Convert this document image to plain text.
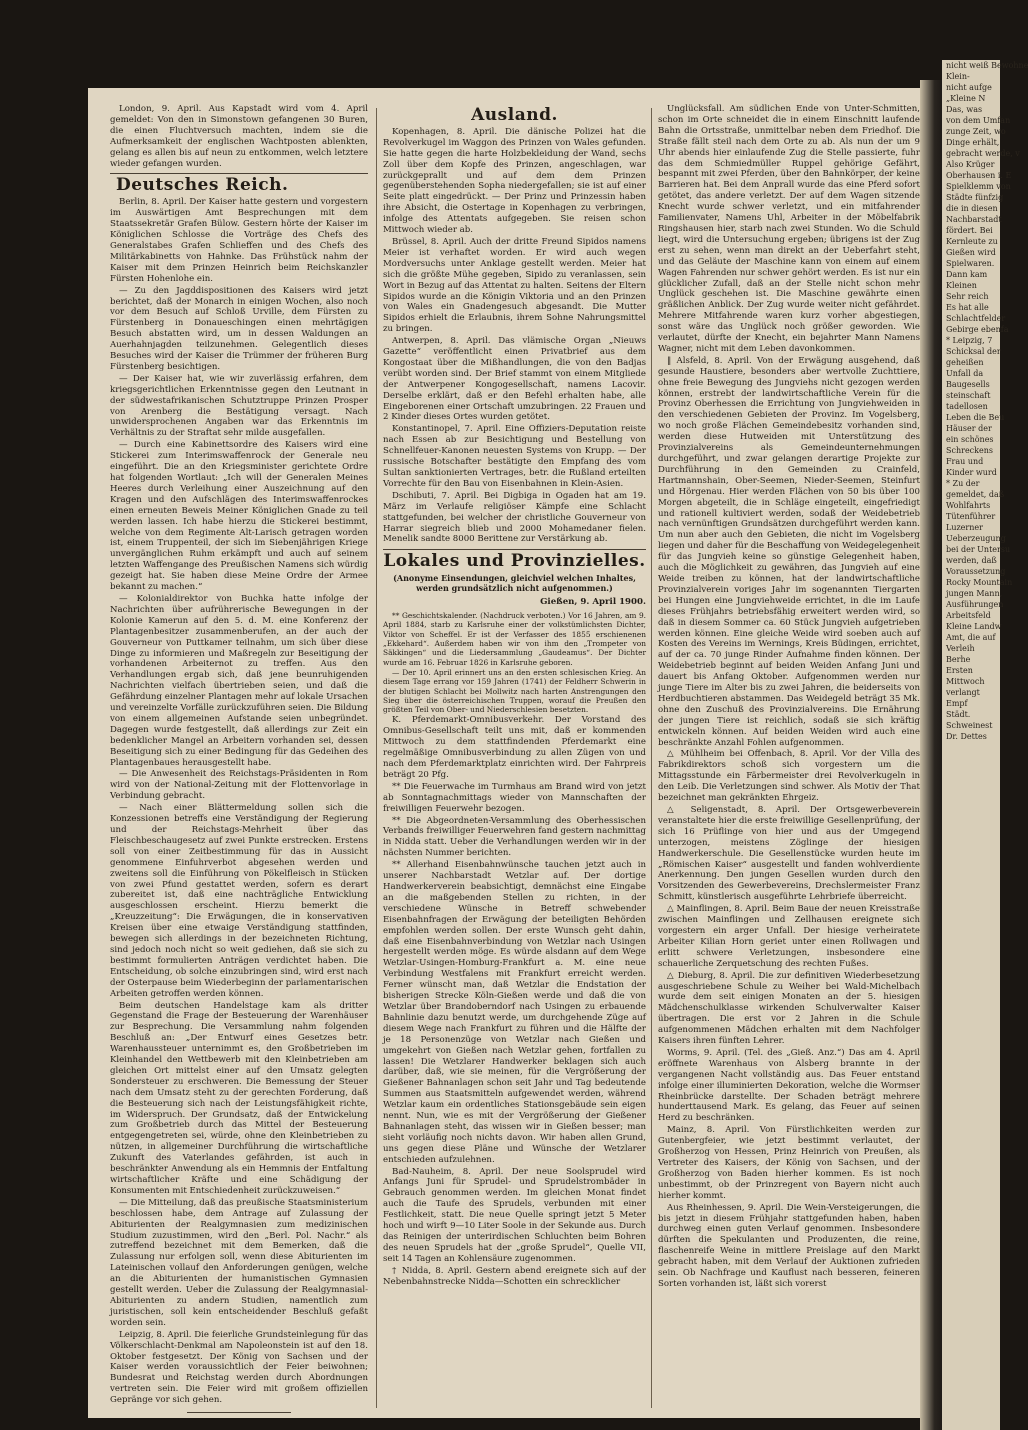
nicht weiß Bewohne

Klein-

nicht aufge

„Kleine N

Das, was

von dem Umfan

zunge Zeit, wo

Dinge erhält,

gebracht werde, v

Also Krüger

Oberhausen i. E

Spielklemm von

Städte fünfzig

die in diesen

Nachbarstadt

fördert. Bei

Kernleute zu

Gießen wird

Spielwaren.

Dann kam

Kleinen

Sehr reich

Es hat alle

Schlachtfelder

Gebirge ebenfa

* Leipzig, 7

Schicksal der

geheißen

Unfall da

Baugesells

steinschaft

tadellosen

Leben die Beu

Häuser der

ein schönes

Schreckens

Frau und

Kinder wurd

* Zu der

gemeldet, daß

Wohlfahrts

Tütenführer

Luzerner

Ueberzeugung

bei der Untersu

werden, daß

Voraussetzung

Rocky Mountain

jungen Mann,

Ausführungen

Arbeitsfeld

Kleine Landw

Amt, die auf

Verleih

Berhe

Ersten

Mittwoch

verlangt

Empf

Städt.

Schweinest

Dr. Dettes

London, 9. April. Aus Kapstadt wird vom 4. April gemeldet: Von den in Simonstown gefangenen 30 Buren, die einen Fluchtversuch machten, indem sie die Aufmerksamkeit der englischen Wachtposten ablenkten, gelang es allen bis auf neun zu entkommen, welch letztere wieder gefangen wurden.

Deutsches Reich.

Berlin, 8. April. Der Kaiser hatte gestern und vorgestern im Auswärtigen Amt Besprechungen mit dem Staatssekretär Grafen Bülow. Gestern hörte der Kaiser im Königlichen Schlosse die Vorträge des Chefs des Generalstabes Grafen Schlieffen und des Chefs des Militärkabinetts von Hahnke. Das Frühstück nahm der Kaiser mit dem Prinzen Heinrich beim Reichskanzler Fürsten Hohenlohe ein.

— Zu den Jagddispositionen des Kaisers wird jetzt berichtet, daß der Monarch in einigen Wochen, also noch vor dem Besuch auf Schloß Urville, dem Fürsten zu Fürstenberg in Donaueschingen einen mehrtägigen Besuch abstatten wird, um in dessen Waldungen an Auerhahnjagden teilzunehmen. Gelegentlich dieses Besuches wird der Kaiser die Trümmer der früheren Burg Fürstenberg besichtigen.

— Der Kaiser hat, wie wir zuverlässig erfahren, dem kriegsgerichtlichen Erkenntnisse gegen den Leutnant in der südwestafrikanischen Schutztruppe Prinzen Prosper von Arenberg die Bestätigung versagt. Nach unwidersprochenen Angaben war das Erkenntnis im Verhältnis zu der Straftat sehr milde ausgefallen.

— Durch eine Kabinettsordre des Kaisers wird eine Stickerei zum Interimswaffenrock der Generale neu eingeführt. Die an den Kriegsminister gerichtete Ordre hat folgenden Wortlaut: „Ich will der Generalen Meines Heeres durch Verleihung einer Auszeichnung auf den Kragen und den Aufschlägen des Interimswaffenrockes einen erneuten Beweis Meiner Königlichen Gnade zu teil werden lassen. Ich habe hierzu die Stickerei bestimmt, welche von dem Regimente Alt-Larisch getragen worden ist, einem Truppenteil, der sich im Siebenjährigen Kriege unvergänglichen Ruhm erkämpft und auch auf seinem letzten Waffengange des Preußischen Namens sich würdig gezeigt hat. Sie haben diese Meine Ordre der Armee bekannt zu machen.“

— Kolonialdirektor von Buchka hatte infolge der Nachrichten über aufrührerische Bewegungen in der Kolonie Kamerun auf den 5. d. M. eine Konferenz der Plantagenbesitzer zusammenberufen, an der auch der Gouverneur von Puttkamer teilnahm, um sich über diese Dinge zu informieren und Maßregeln zur Beseitigung der vorhandenen Arbeiternot zu treffen. Aus den Verhandlungen ergab sich, daß jene beunruhigenden Nachrichten vielfach übertrieben seien, und daß die Gefährdung einzelner Plantagen mehr auf lokale Ursachen und vereinzelte Vorfälle zurückzuführen seien. Die Bildung von einem allgemeinen Aufstande seien unbegründet. Dagegen wurde festgestellt, daß allerdings zur Zeit ein bedenklicher Mangel an Arbeitern vorhanden sei, dessen Beseitigung sich zu einer Bedingung für das Gedeihen des Plantagenbaues herausgestellt habe.

— Die Anwesenheit des Reichstags-Präsidenten in Rom wird von der National-Zeitung mit der Flottenvorlage in Verbindung gebracht.

— Nach einer Blättermeldung sollen sich die Konzessionen betreffs eine Verständigung der Regierung und der Reichstags-Mehrheit über das Fleischbeschaugesetz auf zwei Punkte erstrecken. Erstens soll von einer Zeitbestimmung für das in Aussicht genommene Einfuhrverbot abgesehen werden und zweitens soll die Einführung von Pökelfleisch in Stücken von zwei Pfund gestattet werden, sofern es derart zubereitet ist, daß eine nachträgliche Entwicklung ausgeschlossen erscheint. Hierzu bemerkt die „Kreuzzeitung“: Die Erwägungen, die in konservativen Kreisen über eine etwaige Verständigung stattfinden, bewegen sich allerdings in der bezeichneten Richtung, sind jedoch noch nicht so weit gediehen, daß sie sich zu bestimmt formulierten Anträgen verdichtet haben. Die Entscheidung, ob solche einzubringen sind, wird erst nach der Osterpause beim Wiederbeginn der parlamentarischen Arbeiten getroffen werden können.

Beim deutschen Handelstage kam als dritter Gegenstand die Frage der Besteuerung der Warenhäuser zur Besprechung. Die Versammlung nahm folgenden Beschluß an: „Der Entwurf eines Gesetzes betr. Warenhaussteuer unternimmt es, den Großbetrieben im Kleinhandel den Wettbewerb mit den Kleinbetrieben am gleichen Ort mittelst einer auf den Umsatz gelegten Sondersteuer zu erschweren. Die Bemessung der Steuer nach dem Umsatz steht zu der gerechten Forderung, daß die Besteuerung sich nach der Leistungsfähigkeit richte, im Widerspruch. Der Grundsatz, daß der Entwickelung zum Großbetrieb durch das Mittel der Besteuerung entgegengetreten sei, würde, ohne den Kleinbetrieben zu nützen, in allgemeiner Durchführung die wirtschaftliche Zukunft des Vaterlandes gefährden, ist auch in beschränkter Anwendung als ein Hemmnis der Entfaltung wirtschaftlicher Kräfte und eine Schädigung der Konsumenten mit Entschiedenheit zurückzuweisen.“

— Die Mitteilung, daß das preußische Staatsministerium beschlossen habe, dem Antrage auf Zulassung der Abiturienten der Realgymnasien zum medizinischen Studium zuzustimmen, wird den „Berl. Pol. Nachr.“ als zutreffend bezeichnet mit dem Bemerken, daß die Zulassung nur erfolgen soll, wenn diese Abiturienten im Lateinischen vollauf den Anforderungen genügen, welche an die Abiturienten der humanistischen Gymnasien gestellt werden. Ueber die Zulassung der Realgymnasial-Abiturienten zu andern Studien, namentlich zum juristischen, soll kein entscheidender Beschluß gefaßt worden sein.

Leipzig, 8. April. Die feierliche Grundsteinlegung für das Völkerschlacht-Denkmal am Napoleonstein ist auf den 18. Oktober festgesetzt. Der König von Sachsen und der Kaiser werden voraussichtlich der Feier beiwohnen; Bundesrat und Reichstag werden durch Abordnungen vertreten sein. Die Feier wird mit großem offiziellen Gepränge vor sich gehen.

Ausland.

Kopenhagen, 8. April. Die dänische Polizei hat die Revolverkugel im Waggon des Prinzen von Wales gefunden. Sie hatte gegen die harte Holzbekleidung der Wand, sechs Zoll über dem Kopfe des Prinzen, angeschlagen, war zurückgeprallt und auf dem dem Prinzen gegenüberstehenden Sopha niedergefallen; sie ist auf einer Seite platt eingedrückt. — Der Prinz und Prinzessin haben ihre Absicht, die Ostertage in Kopenhagen zu verbringen, infolge des Attentats aufgegeben. Sie reisen schon Mittwoch wieder ab.

Brüssel, 8. April. Auch der dritte Freund Sipidos namens Meier ist verhaftet worden. Er wird auch wegen Mordversuchs unter Anklage gestellt werden. Meier hat sich die größte Mühe gegeben, Sipido zu veranlassen, sein Wort in Bezug auf das Attentat zu halten. Seitens der Eltern Sipidos wurde an die Königin Viktoria und an den Prinzen von Wales ein Gnadengesuch abgesandt. Die Mutter Sipidos erhielt die Erlaubnis, ihrem Sohne Nahrungsmittel zu bringen.

Antwerpen, 8. April. Das vlämische Organ „Nieuws Gazette“ veröffentlicht einen Privatbrief aus dem Kongostaat über die Mißhandlungen, die von den Badjas verübt worden sind. Der Brief stammt von einem Mitgliede der Antwerpener Kongogesellschaft, namens Lacovir. Derselbe erklärt, daß er den Befehl erhalten habe, alle Eingeborenen einer Ortschaft umzubringen. 22 Frauen und 2 Kinder dieses Ortes wurden getötet.

Konstantinopel, 7. April. Eine Offiziers-Deputation reiste nach Essen ab zur Besichtigung und Bestellung von Schnellfeuer-Kanonen neuesten Systems von Krupp. — Der russische Botschafter bestätigte den Empfang des vom Sultan sanktionierten Vertrages, betr. die Rußland erteilten Vorrechte für den Bau von Eisenbahnen in Klein-Asien.

Dschibuti, 7. April. Bei Digbiga in Ogaden hat am 19. März im Verlaufe religiöser Kämpfe eine Schlacht stattgefunden, bei welcher der christliche Gouverneur von Harrar siegreich blieb und 2000 Mohamedaner fielen. Menelik sandte 8000 Berittene zur Verstärkung ab.

Lokales und Provinzielles.
(Anonyme Einsendungen, gleichviel welchen Inhaltes, werden grundsätzlich nicht aufgenommen.)
Gießen, 9. April 1900.

** Geschichtskalender. (Nachdruck verboten.) Vor 16 Jahren, am 9. April 1884, starb zu Karlsruhe einer der volkstümlichsten Dichter, Viktor von Scheffel. Er ist der Verfasser des 1855 erschienenen „Ekkehard“. Außerdem haben wir von ihm den „Trompeter von Säkkingen“ und die Liedersammlung „Gaudeamus“. Der Dichter wurde am 16. Februar 1826 in Karlsruhe geboren.

— Der 10. April erinnert uns an den ersten schlesischen Krieg. An diesem Tage errang vor 159 Jahren (1741) der Feldherr Schwerin in der blutigen Schlacht bei Mollwitz nach harten Anstrengungen den Sieg über die österreichischen Truppen, worauf die Preußen den größten Teil von Ober- und Niederschlesien besetzten.

K. Pferdemarkt-Omnibusverkehr. Der Vorstand des Omnibus-Gesellschaft teilt uns mit, daß er kommenden Mittwoch zu dem stattfindenden Pferdemarkt eine regelmäßige Omnibusverbindung zu allen Zügen von und nach dem Pferdemarktplatz einrichten wird. Der Fahrpreis beträgt 20 Pfg.

** Die Feuerwache im Turmhaus am Brand wird von jetzt ab Sonntagnachmittags wieder von Mannschaften der freiwilligen Feuerwehr bezogen.

** Die Abgeordneten-Versammlung des Oberhessischen Verbands freiwilliger Feuerwehren fand gestern nachmittag in Nidda statt. Ueber die Verhandlungen werden wir in der nächsten Nummer berichten.

** Allerhand Eisenbahnwünsche tauchen jetzt auch in unserer Nachbarstadt Wetzlar auf. Der dortige Handwerkerverein beabsichtigt, demnächst eine Eingabe an die maßgebenden Stellen zu richten, in der verschiedene Wünsche in Betreff schwebender Eisenbahnfragen der Erwägung der beteiligten Behörden empfohlen werden sollen. Der erste Wunsch geht dahin, daß eine Eisenbahnverbindung von Wetzlar nach Usingen hergestellt werden möge. Es würde alsdann auf dem Wege Wetzlar-Usingen-Homburg-Frankfurt a. M. eine neue Verbindung Westfalens mit Frankfurt erreicht werden. Ferner wünscht man, daß Wetzlar die Endstation der bisherigen Strecke Köln-Gießen werde und daß die von Wetzlar über Brandoberndorf nach Usingen zu erbauende Bahnlinie dazu benutzt werde, um durchgehende Züge auf diesem Wege nach Frankfurt zu führen und die Hälfte der je 18 Personenzüge von Wetzlar nach Gießen und umgekehrt von Gießen nach Wetzlar gehen, fortfallen zu lassen! Die Wetzlarer Handwerker beklagen sich auch darüber, daß, wie sie meinen, für die Vergrößerung der Gießener Bahnanlagen schon seit Jahr und Tag bedeutende Summen aus Staatsmitteln aufgewendet werden, während Wetzlar kaum ein ordentliches Stationsgebäude sein eigen nennt. Nun, wie es mit der Vergrößerung der Gießener Bahnanlagen steht, das wissen wir in Gießen besser; man sieht vorläufig noch nichts davon. Wir haben allen Grund, uns gegen diese Pläne und Wünsche der Wetzlarer entschieden aufzulehnen.

Bad-Nauheim, 8. April. Der neue Soolsprudel wird Anfangs Juni für Sprudel- und Sprudelstrombäder in Gebrauch genommen werden. Im gleichen Monat findet auch die Taufe des Sprudels, verbunden mit einer Festlichkeit, statt. Die neue Quelle springt jetzt 5 Meter hoch und wirft 9—10 Liter Soole in der Sekunde aus. Durch das Reinigen der unterirdischen Schluchten beim Bohren des neuen Sprudels hat der „große Sprudel“, Quelle VII, seit 14 Tagen an Kohlensäure zugenommen.

† Nidda, 8. April. Gestern abend ereignete sich auf der Nebenbahnstrecke Nidda—Schotten ein schrecklicher

Unglücksfall. Am südlichen Ende von Unter-Schmitten, schon im Orte schneidet die in einem Einschnitt laufende Bahn die Ortsstraße, unmittelbar neben dem Friedhof. Die Straße fällt steil nach dem Orte zu ab. Als nun der um 9 Uhr abends hier einlaufende Zug die Stelle passierte, fuhr das dem Schmiedmüller Ruppel gehörige Gefährt, bespannt mit zwei Pferden, über den Bahnkörper, der keine Barrieren hat. Bei dem Anprall wurde das eine Pferd sofort getötet, das andere verletzt. Der auf dem Wagen sitzende Knecht wurde schwer verletzt, und ein mitfahrender Familienvater, Namens Uhl, Arbeiter in der Möbelfabrik Ringshausen hier, starb nach zwei Stunden. Wo die Schuld liegt, wird die Untersuchung ergeben; übrigens ist der Zug erst zu sehen, wenn man direkt an der Ueberfahrt steht, und das Geläute der Maschine kann von einem auf einem Wagen Fahrenden nur schwer gehört werden. Es ist nur ein glücklicher Zufall, daß an der Stelle nicht schon mehr Unglück geschehen ist. Die Maschine gewährte einen gräßlichen Anblick. Der Zug wurde weiter nicht gefährdet. Mehrere Mitfahrende waren kurz vorher abgestiegen, sonst wäre das Unglück noch größer geworden. Wie verlautet, dürfte der Knecht, ein bejahrter Mann Namens Wagner, nicht mit dem Leben davonkommen.

‖ Alsfeld, 8. April. Von der Erwägung ausgehend, daß gesunde Haustiere, besonders aber wertvolle Zuchttiere, ohne freie Bewegung des Jungviehs nicht gezogen werden können, erstrebt der landwirtschaftliche Verein für die Provinz Oberhessen die Errichtung von Jungviehweiden in den verschiedenen Gebieten der Provinz. Im Vogelsberg, wo noch große Flächen Gemeindebesitz vorhanden sind, werden diese Hutweiden mit Unterstützung des Provinzialvereins als Gemeindeunternehmungen durchgeführt, und zwar gelangen derartige Projekte zur Durchführung in den Gemeinden zu Crainfeld, Hartmannshain, Ober-Seemen, Nieder-Seemen, Steinfurt und Hörgenau. Hier werden Flächen von 50 bis über 100 Morgen abgeteilt, die in Schläge eingeteilt, eingefriedigt und rationell kultiviert werden, sodaß der Weidebetrieb nach vernünftigen Grundsätzen durchgeführt werden kann. Um nun aber auch den Gebieten, die nicht im Vogelsberg liegen und daher für die Beschaffung von Weidegelegenheit für das Jungvieh keine so günstige Gelegenheit haben, auch die Möglichkeit zu gewähren, das Jungvieh auf eine Weide treiben zu können, hat der landwirtschaftliche Provinzialverein voriges Jahr im sogenannten Tiergarten bei Hungen eine Jungviehweide errichtet, in die im Laufe dieses Frühjahrs betriebsfähig erweitert werden wird, so daß in diesem Sommer ca. 60 Stück Jungvieh aufgetrieben werden können. Eine gleiche Weide wird soeben auch auf Kosten des Vereins im Wernings, Kreis Büdingen, errichtet, auf der ca. 70 junge Rinder Aufnahme finden können. Der Weidebetrieb beginnt auf beiden Weiden Anfang Juni und dauert bis Anfang Oktober. Aufgenommen werden nur junge Tiere im Alter bis zu zwei Jahren, die beiderseits von Herdbuchtieren abstammen. Das Weidegeld beträgt 35 Mk. ohne den Zuschuß des Provinzialvereins. Die Ernährung der jungen Tiere ist reichlich, sodaß sie sich kräftig entwickeln können. Auf beiden Weiden wird auch eine beschränkte Anzahl Fohlen aufgenommen.

△ Mühlheim bei Offenbach, 8. April. Vor der Villa des Fabrikdirektors schoß sich vorgestern um die Mittagsstunde ein Färbermeister drei Revolverkugeln in den Leib. Die Verletzungen sind schwer. Als Motiv der That bezeichnet man gekränkten Ehrgeiz.

△ Seligenstadt, 8. April. Der Ortsgewerbeverein veranstaltete hier die erste freiwillige Gesellenprüfung, der sich 16 Prüflinge von hier und aus der Umgegend unterzogen, meistens Zöglinge der hiesigen Handwerkerschule. Die Gesellenstücke wurden heute im „Römischen Kaiser“ ausgestellt und fanden wohlverdiente Anerkennung. Den jungen Gesellen wurden durch den Vorsitzenden des Gewerbevereins, Drechslermeister Franz Schmitt, künstlerisch ausgeführte Lehrbriefe überreicht.

△ Mainflingen, 8. April. Beim Baue der neuen Kreisstraße zwischen Mainflingen und Zellhausen ereignete sich vorgestern ein arger Unfall. Der hiesige verheiratete Arbeiter Kilian Horn geriet unter einen Rollwagen und erlitt schwere Verletzungen, insbesondere eine schauerliche Zerquetschung des rechten Fußes.

△ Dieburg, 8. April. Die zur definitiven Wiederbesetzung ausgeschriebene Schule zu Weiher bei Wald-Michelbach wurde dem seit einigen Monaten an der 5. hiesigen Mädchenschulklasse wirkenden Schulverwalter Kaiser übertragen. Die erst vor 2 Jahren in die Schule aufgenommenen Mädchen erhalten mit dem Nachfolger Kaisers ihren fünften Lehrer.

Worms, 9. April. (Tel. des „Gieß. Anz.“) Das am 4. April eröffnete Warenhaus von Alsberg brannte in der vergangenen Nacht vollständig aus. Das Feuer entstand infolge einer illuminierten Dekoration, welche die Wormser Rheinbrücke darstellte. Der Schaden beträgt mehrere hunderttausend Mark. Es gelang, das Feuer auf seinen Herd zu beschränken.

Mainz, 8. April. Von Fürstlichkeiten werden zur Gutenbergfeier, wie jetzt bestimmt verlautet, der Großherzog von Hessen, Prinz Heinrich von Preußen, als Vertreter des Kaisers, der König von Sachsen, und der Großherzog von Baden hierher kommen. Es ist noch unbestimmt, ob der Prinzregent von Bayern nicht auch hierher kommt.

Aus Rheinhessen, 9. April. Die Wein-Versteigerungen, die bis jetzt in diesem Frühjahr stattgefunden haben, haben durchweg einen guten Verlauf genommen. Insbesondere dürften die Spekulanten und Produzenten, die reine, flaschenreife Weine in mittlere Preislage auf den Markt gebracht haben, mit dem Verlauf der Auktionen zufrieden sein. Ob Nachfrage und Kauflust nach besseren, feineren Sorten vorhanden ist, läßt sich vorerst
